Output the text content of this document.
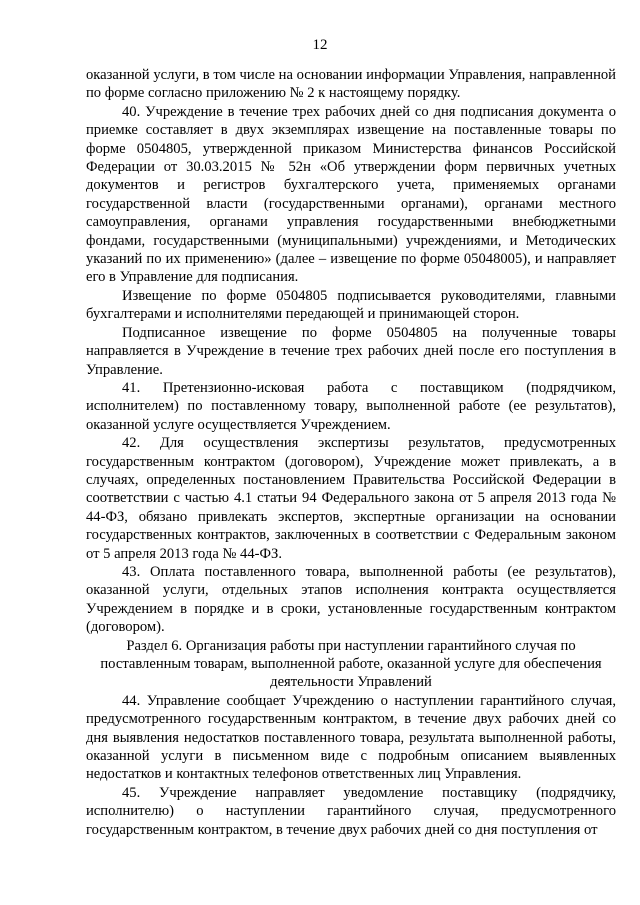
12

оказанной услуги, в том числе на основании информации Управления, направленной по форме согласно приложению № 2 к настоящему порядку.

40. Учреждение в течение трех рабочих дней со дня подписания документа о приемке составляет в двух экземплярах извещение на поставленные товары по форме 0504805, утвержденной приказом Министерства финансов Российской Федерации от 30.03.2015 № 52н «Об утверждении форм первичных учетных документов и регистров бухгалтерского учета, применяемых органами государственной власти (государственными органами), органами местного самоуправления, органами управления государственными внебюджетными фондами, государственными (муниципальными) учреждениями, и Методических указаний по их применению» (далее – извещение по форме 05048005), и направляет его в Управление для подписания.

Извещение по форме 0504805 подписывается руководителями, главными бухгалтерами и исполнителями передающей и принимающей сторон.

Подписанное извещение по форме 0504805 на полученные товары направляется в Учреждение в течение трех рабочих дней после его поступления в Управление.

41. Претензионно-исковая работа с поставщиком (подрядчиком, исполнителем) по поставленному товару, выполненной работе (ее результатов), оказанной услуге осуществляется Учреждением.

42. Для осуществления экспертизы результатов, предусмотренных государственным контрактом (договором), Учреждение может привлекать, а в случаях, определенных постановлением Правительства Российской Федерации в соответствии с частью 4.1 статьи 94 Федерального закона от 5 апреля 2013 года № 44-ФЗ, обязано привлекать экспертов, экспертные организации на основании государственных контрактов, заключенных в соответствии с Федеральным законом от 5 апреля 2013 года № 44-ФЗ.

43. Оплата поставленного товара, выполненной работы (ее результатов), оказанной услуги, отдельных этапов исполнения контракта осуществляется Учреждением в порядке и в сроки, установленные государственным контрактом (договором).

Раздел 6. Организация работы при наступлении гарантийного случая по поставленным товарам, выполненной работе, оказанной услуге для обеспечения деятельности Управлений

44. Управление сообщает Учреждению о наступлении гарантийного случая, предусмотренного государственным контрактом, в течение двух рабочих дней со дня выявления недостатков поставленного товара, результата выполненной работы, оказанной услуги в письменном виде с подробным описанием выявленных недостатков и контактных телефонов ответственных лиц Управления.

45. Учреждение направляет уведомление поставщику (подрядчику, исполнителю) о наступлении гарантийного случая, предусмотренного государственным контрактом, в течение двух рабочих дней со дня поступления от
